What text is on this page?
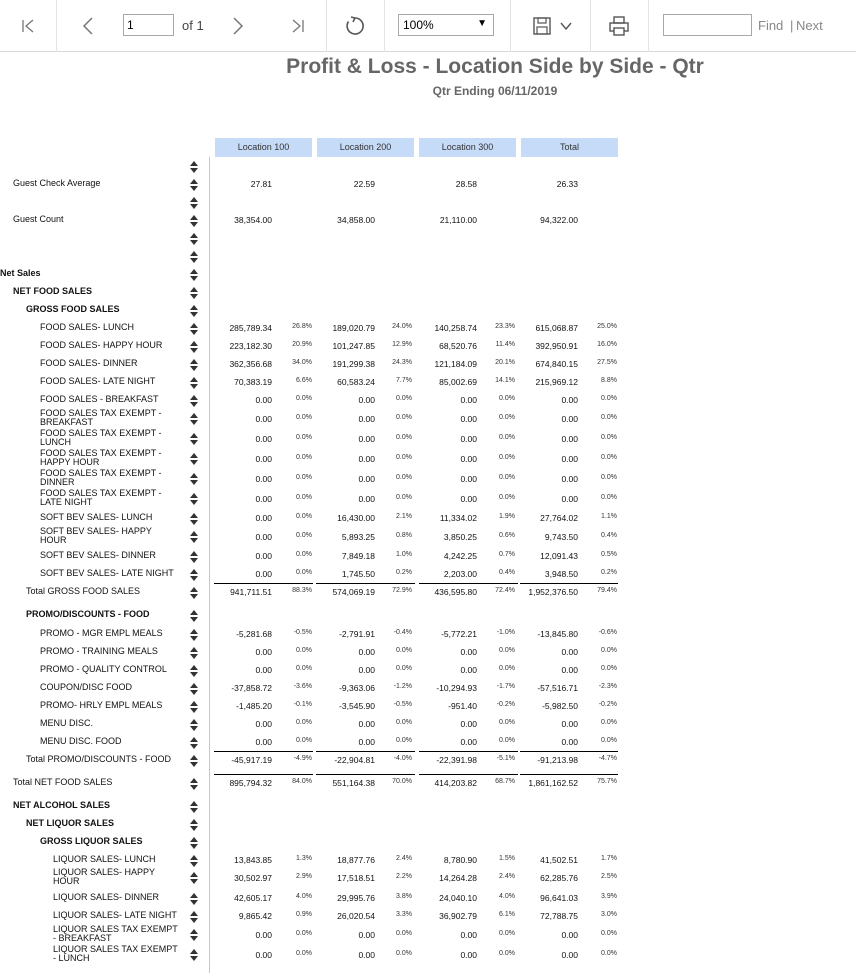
1
of 1	100%	▼	Find | Next
Profit & Loss - Location Side by Side - Qtr
Qtr Ending 06/11/2019
Location 100	Location 200	Location 300	Total
Guest Check Average	27.81	22.59	28.58	26.33
Guest Count	38,354.00	34,858.00	21,110.00	94,322.00
Net Sales
NET FOOD SALES
GROSS FOOD SALES
FOOD SALES- LUNCH	285,789.34	26.8%	189,020.79	24.0%	140,258.74	23.3%	615,068.87	25.0%
FOOD SALES- HAPPY HOUR	223,182.30	20.9%	101,247.85	12.9%	68,520.76	11.4%	392,950.91	16.0%
FOOD SALES- DINNER	362,356.68	34.0%	191,299.38	24.3%	121,184.09	20.1%	674,840.15	27.5%
FOOD SALES- LATE NIGHT	70,383.19	6.6%	60,583.24	7.7%	85,002.69	14.1%	215,969.12	8.8%
FOOD SALES - BREAKFAST	0.00	0.0%	0.00	0.0%	0.00	0.0%	0.00	0.0%
FOOD SALES TAX EXEMPT -
BREAKFAST	0.00	0.0%	0.00	0.0%	0.00	0.0%	0.00	0.0%
FOOD SALES TAX EXEMPT -
LUNCH	0.00	0.0%	0.00	0.0%	0.00	0.0%	0.00	0.0%
FOOD SALES TAX EXEMPT -
HAPPY HOUR	0.00	0.0%	0.00	0.0%	0.00	0.0%	0.00	0.0%
FOOD SALES TAX EXEMPT -
DINNER	0.00	0.0%	0.00	0.0%	0.00	0.0%	0.00	0.0%
FOOD SALES TAX EXEMPT -
LATE NIGHT	0.00	0.0%	0.00	0.0%	0.00	0.0%	0.00	0.0%
SOFT BEV SALES- LUNCH	0.00	0.0%	16,430.00	2.1%	11,334.02	1.9%	27,764.02	1.1%
SOFT BEV SALES- HAPPY
HOUR	0.00	0.0%	5,893.25	0.8%	3,850.25	0.6%	9,743.50	0.4%
SOFT BEV SALES- DINNER	0.00	0.0%	7,849.18	1.0%	4,242.25	0.7%	12,091.43	0.5%
SOFT BEV SALES- LATE NIGHT	0.00	0.0%	1,745.50	0.2%	2,203.00	0.4%	3,948.50	0.2%
Total GROSS FOOD SALES	941,711.51	88.3%	574,069.19	72.9%	436,595.80	72.4%	1,952,376.50	79.4%
PROMO/DISCOUNTS - FOOD
PROMO - MGR EMPL MEALS	-5,281.68	-0.5%	-2,791.91	-0.4%	-5,772.21	-1.0%	-13,845.80	-0.6%
PROMO - TRAINING MEALS	0.00	0.0%	0.00	0.0%	0.00	0.0%	0.00	0.0%
PROMO - QUALITY CONTROL	0.00	0.0%	0.00	0.0%	0.00	0.0%	0.00	0.0%
COUPON/DISC FOOD	-37,858.72	-3.6%	-9,363.06	-1.2%	-10,294.93	-1.7%	-57,516.71	-2.3%
PROMO- HRLY EMPL MEALS	-1,485.20	-0.1%	-3,545.90	-0.5%	-951.40	-0.2%	-5,982.50	-0.2%
MENU DISC.	0.00	0.0%	0.00	0.0%	0.00	0.0%	0.00	0.0%
MENU DISC. FOOD	0.00	0.0%	0.00	0.0%	0.00	0.0%	0.00	0.0%
Total PROMO/DISCOUNTS - FOOD	-45,917.19	-4.9%	-22,904.81	-4.0%	-22,391.98	-5.1%	-91,213.98	-4.7%
Total NET FOOD SALES	895,794.32	84.0%	551,164.38	70.0%	414,203.82	68.7%	1,861,162.52	75.7%
NET ALCOHOL SALES
NET LIQUOR SALES
GROSS LIQUOR SALES
LIQUOR SALES- LUNCH	13,843.85	1.3%	18,877.76	2.4%	8,780.90	1.5%	41,502.51	1.7%
LIQUOR SALES- HAPPY
HOUR	30,502.97	2.9%	17,518.51	2.2%	14,264.28	2.4%	62,285.76	2.5%
LIQUOR SALES- DINNER	42,605.17	4.0%	29,995.76	3.8%	24,040.10	4.0%	96,641.03	3.9%
LIQUOR SALES- LATE NIGHT	9,865.42	0.9%	26,020.54	3.3%	36,902.79	6.1%	72,788.75	3.0%
LIQUOR SALES TAX EXEMPT
- BREAKFAST	0.00	0.0%	0.00	0.0%	0.00	0.0%	0.00	0.0%
LIQUOR SALES TAX EXEMPT
- LUNCH	0.00	0.0%	0.00	0.0%	0.00	0.0%	0.00	0.0%
